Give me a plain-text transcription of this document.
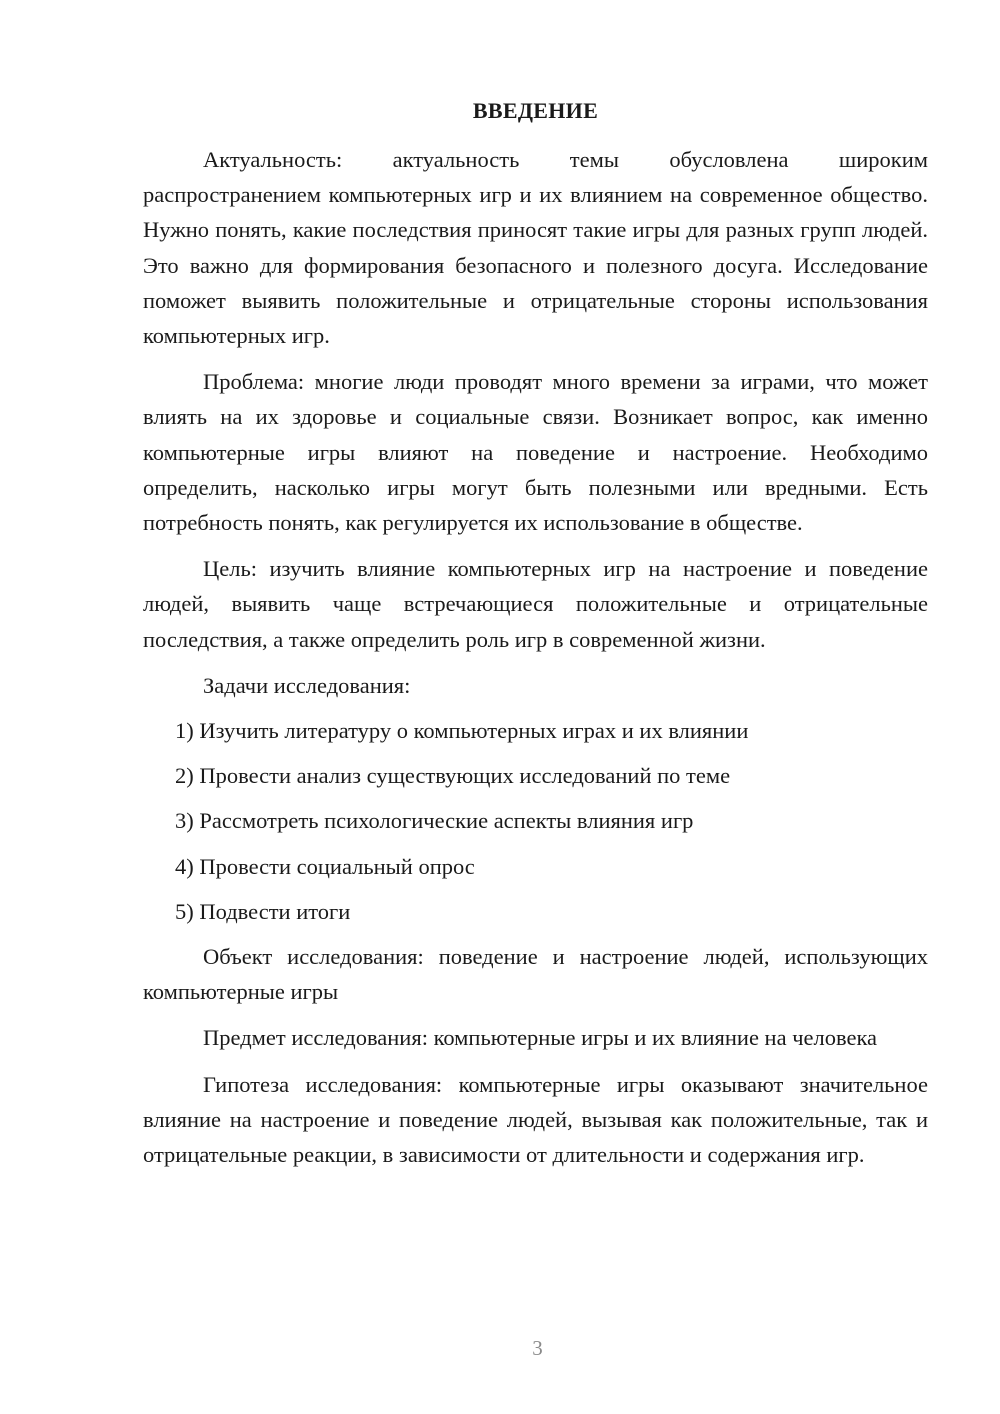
ВВЕДЕНИЕ

Актуальность: актуальность темы обусловлена широким распространением компьютерных игр и их влиянием на современное общество. Нужно понять, какие последствия приносят такие игры для разных групп людей. Это важно для формирования безопасного и полезного досуга. Исследование поможет выявить положительные и отрицательные стороны использования компьютерных игр.

Проблема: многие люди проводят много времени за играми, что может влиять на их здоровье и социальные связи. Возникает вопрос, как именно компьютерные игры влияют на поведение и настроение. Необходимо определить, насколько игры могут быть полезными или вредными. Есть потребность понять, как регулируется их использование в обществе.

Цель: изучить влияние компьютерных игр на настроение и поведение людей, выявить чаще встречающиеся положительные и отрицательные последствия, а также определить роль игр в современной жизни.

Задачи исследования:

1) Изучить литературу о компьютерных играх и их влиянии
2) Провести анализ существующих исследований по теме
3) Рассмотреть психологические аспекты влияния игр
4) Провести социальный опрос
5) Подвести итоги

Объект исследования: поведение и настроение людей, использующих компьютерные игры

Предмет исследования: компьютерные игры и их влияние на человека

Гипотеза исследования: компьютерные игры оказывают значительное влияние на настроение и поведение людей, вызывая как положительные, так и отрицательные реакции, в зависимости от длительности и содержания игр.

3
